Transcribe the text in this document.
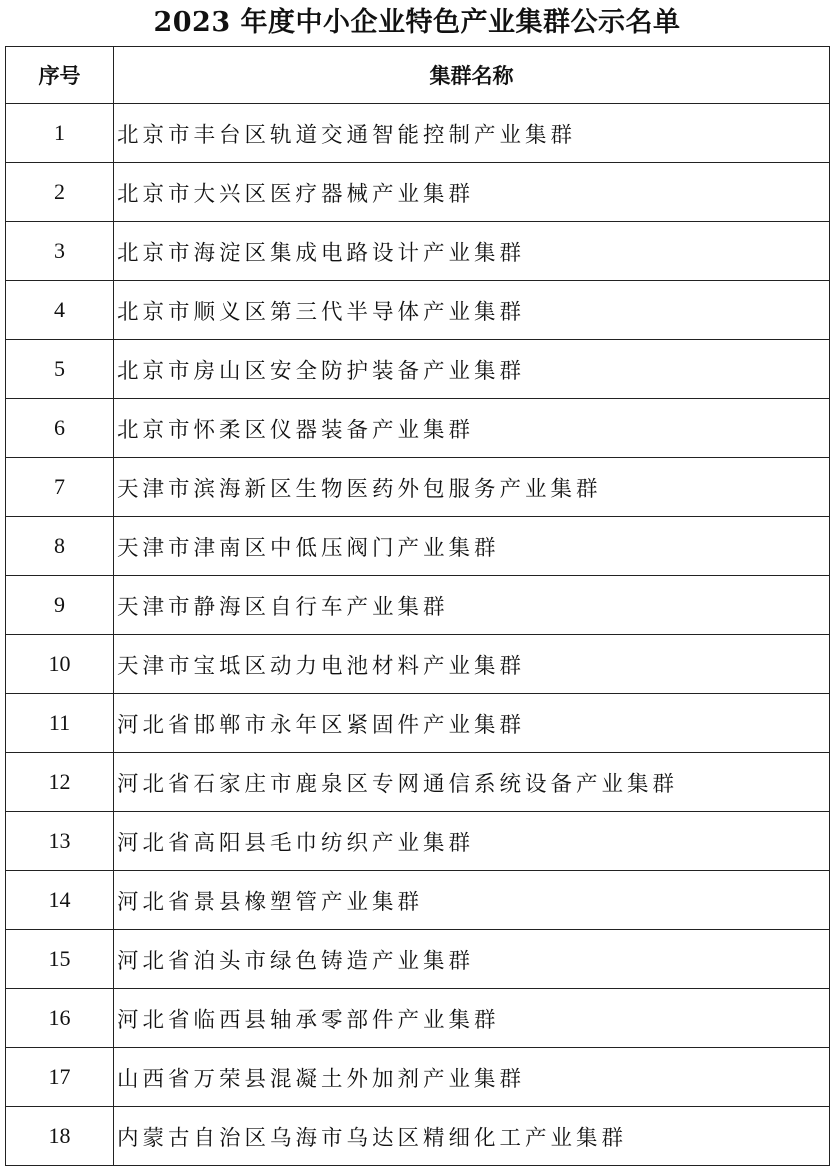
2023 年度中小企业特色产业集群公示名单
序号	集群名称
1	北京市丰台区轨道交通智能控制产业集群
2	北京市大兴区医疗器械产业集群
3	北京市海淀区集成电路设计产业集群
4	北京市顺义区第三代半导体产业集群
5	北京市房山区安全防护装备产业集群
6	北京市怀柔区仪器装备产业集群
7	天津市滨海新区生物医药外包服务产业集群
8	天津市津南区中低压阀门产业集群
9	天津市静海区自行车产业集群
10	天津市宝坻区动力电池材料产业集群
11	河北省邯郸市永年区紧固件产业集群
12	河北省石家庄市鹿泉区专网通信系统设备产业集群
13	河北省高阳县毛巾纺织产业集群
14	河北省景县橡塑管产业集群
15	河北省泊头市绿色铸造产业集群
16	河北省临西县轴承零部件产业集群
17	山西省万荣县混凝土外加剂产业集群
18	内蒙古自治区乌海市乌达区精细化工产业集群
